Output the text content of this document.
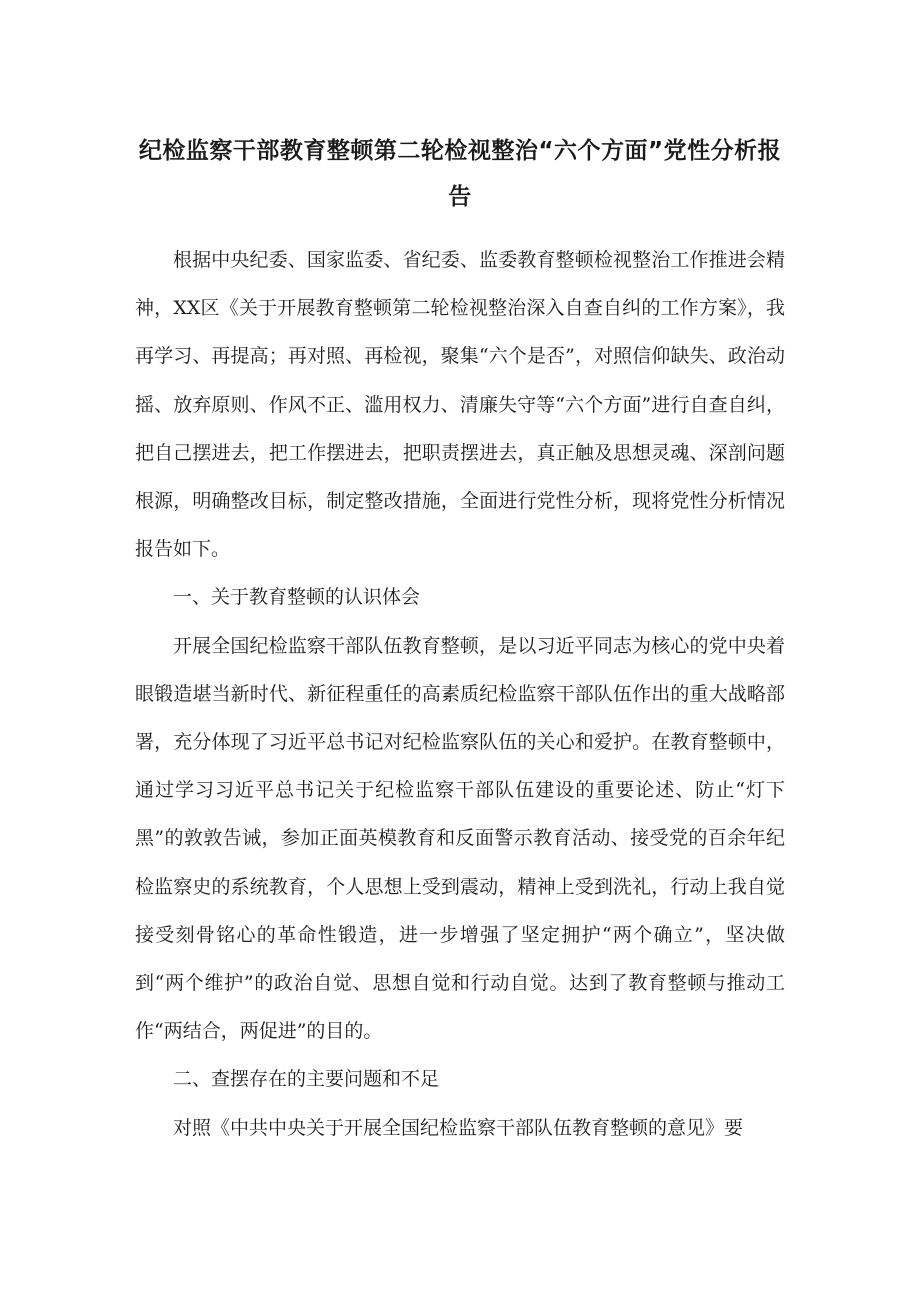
纪检监察干部教育整顿第二轮检视整治“六个方面”党性分析报告

根据中央纪委、国家监委、省纪委、监委教育整顿检视整治工作推进会精神，XX区《关于开展教育整顿第二轮检视整治深入自查自纠的工作方案》，我再学习、再提高；再对照、再检视，聚集“六个是否”，对照信仰缺失、政治动摇、放弃原则、作风不正、滥用权力、清廉失守等“六个方面”进行自查自纠，把自己摆进去，把工作摆进去，把职责摆进去，真正触及思想灵魂、深剖问题根源，明确整改目标，制定整改措施，全面进行党性分析，现将党性分析情况报告如下。

一、关于教育整顿的认识体会

开展全国纪检监察干部队伍教育整顿，是以习近平同志为核心的党中央着眼锻造堪当新时代、新征程重任的高素质纪检监察干部队伍作出的重大战略部署，充分体现了习近平总书记对纪检监察队伍的关心和爱护。在教育整顿中，通过学习习近平总书记关于纪检监察干部队伍建设的重要论述、防止“灯下黑”的敦敦告诫，参加正面英模教育和反面警示教育活动、接受党的百余年纪检监察史的系统教育，个人思想上受到震动，精神上受到洗礼，行动上我自觉接受刻骨铭心的革命性锻造，进一步增强了坚定拥护“两个确立”，坚决做到“两个维护”的政治自觉、思想自觉和行动自觉。达到了教育整顿与推动工作“两结合，两促进”的目的。

二、查摆存在的主要问题和不足

对照《中共中央关于开展全国纪检监察干部队伍教育整顿的意见》要
